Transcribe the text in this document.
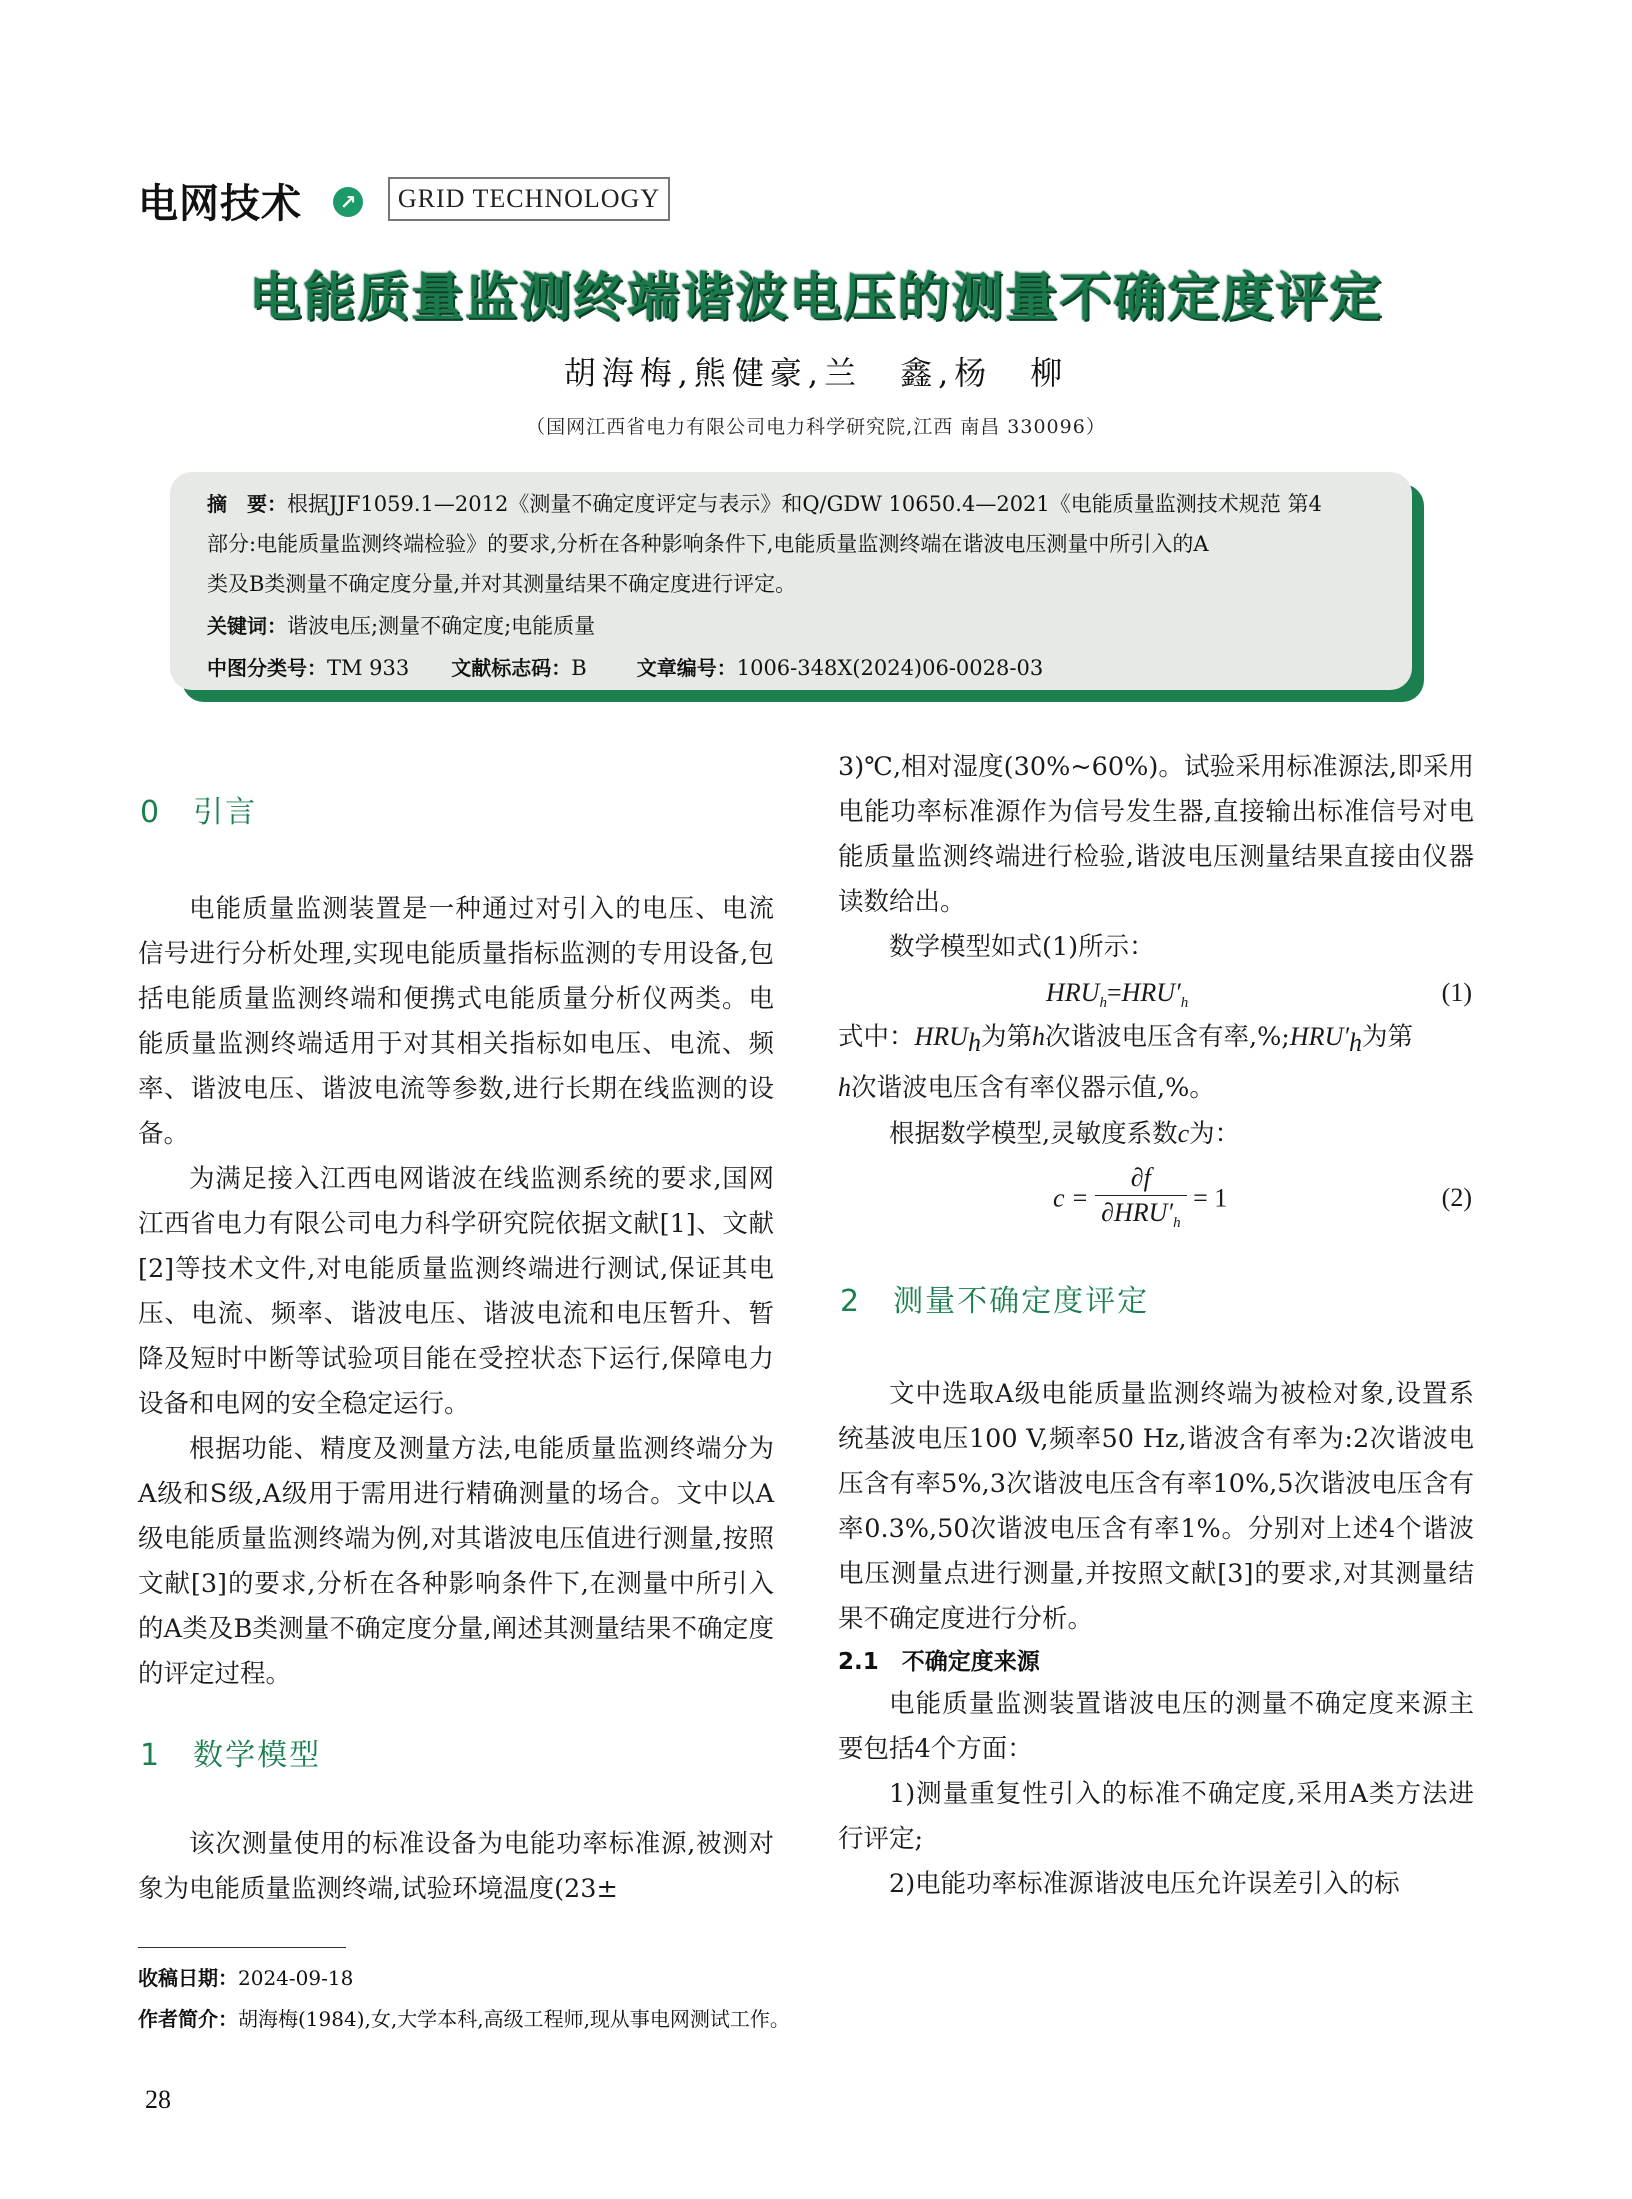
电网技术	↗	GRID TECHNOLOGY
电能质量监测终端谐波电压的测量不确定度评定
胡海梅,熊健豪,兰　鑫,杨　柳
（国网江西省电力有限公司电力科学研究院,江西 南昌 330096）
摘　要：根据JJF1059.1—2012《测量不确定度评定与表示》和Q/GDW 10650.4—2021《电能质量监测技术规范 第4
部分:电能质量监测终端检验》的要求,分析在各种影响条件下,电能质量监测终端在谐波电压测量中所引入的A
类及B类测量不确定度分量,并对其测量结果不确定度进行评定。
关键词：谐波电压;测量不确定度;电能质量
中图分类号：TM 933 文献标志码：B	文章编号：1006-348X(2024)06-0028-03
0　引言

电能质量监测装置是一种通过对引入的电压、电流信号进行分析处理,实现电能质量指标监测的专用设备,包括电能质量监测终端和便携式电能质量分析仪两类。电能质量监测终端适用于对其相关指标如电压、电流、频率、谐波电压、谐波电流等参数,进行长期在线监测的设备。

为满足接入江西电网谐波在线监测系统的要求,国网江西省电力有限公司电力科学研究院依据文献[1]、文献[2]等技术文件,对电能质量监测终端进行测试,保证其电压、电流、频率、谐波电压、谐波电流和电压暂升、暂降及短时中断等试验项目能在受控状态下运行,保障电力设备和电网的安全稳定运行。

根据功能、精度及测量方法,电能质量监测终端分为A级和S级,A级用于需用进行精确测量的场合。文中以A级电能质量监测终端为例,对其谐波电压值进行测量,按照文献[3]的要求,分析在各种影响条件下,在测量中所引入的A类及B类测量不确定度分量,阐述其测量结果不确定度的评定过程。

1　数学模型

该次测量使用的标准设备为电能功率标准源,被测对象为电能质量监测终端,试验环境温度(23±

3)℃,相对湿度(30%~60%)。试验采用标准源法,即采用电能功率标准源作为信号发生器,直接输出标准信号对电能质量监测终端进行检验,谐波电压测量结果直接由仪器读数给出。

数学模型如式(1)所示：

$HRU_h=HRU'_h$	(1)

式中：$HRU_h$为第h次谐波电压含有率$,\%;HRU'_h$为第
h次谐波电压含有率仪器示值,%。

根据数学模型,灵敏度系数c为：

$c = \frac{\partial f}{\partial HRU'_h} = 1$	(2)
2　测量不确定度评定

文中选取A级电能质量监测终端为被检对象,设置系统基波电压100 V,频率50 Hz,谐波含有率为:2次谐波电压含有率5%,3次谐波电压含有率10%,5次谐波电压含有率0.3%,50次谐波电压含有率1%。分别对上述4个谐波电压测量点进行测量,并按照文献[3]的要求,对其测量结果不确定度进行分析。

2.1　不确定度来源

电能质量监测装置谐波电压的测量不确定度来源主要包括4个方面：

1)测量重复性引入的标准不确定度,采用A类方法进行评定;

2)电能功率标准源谐波电压允许误差引入的标

收稿日期：2024-09-18
作者简介：胡海梅(1984),女,大学本科,高级工程师,现从事电网测试工作。
28
